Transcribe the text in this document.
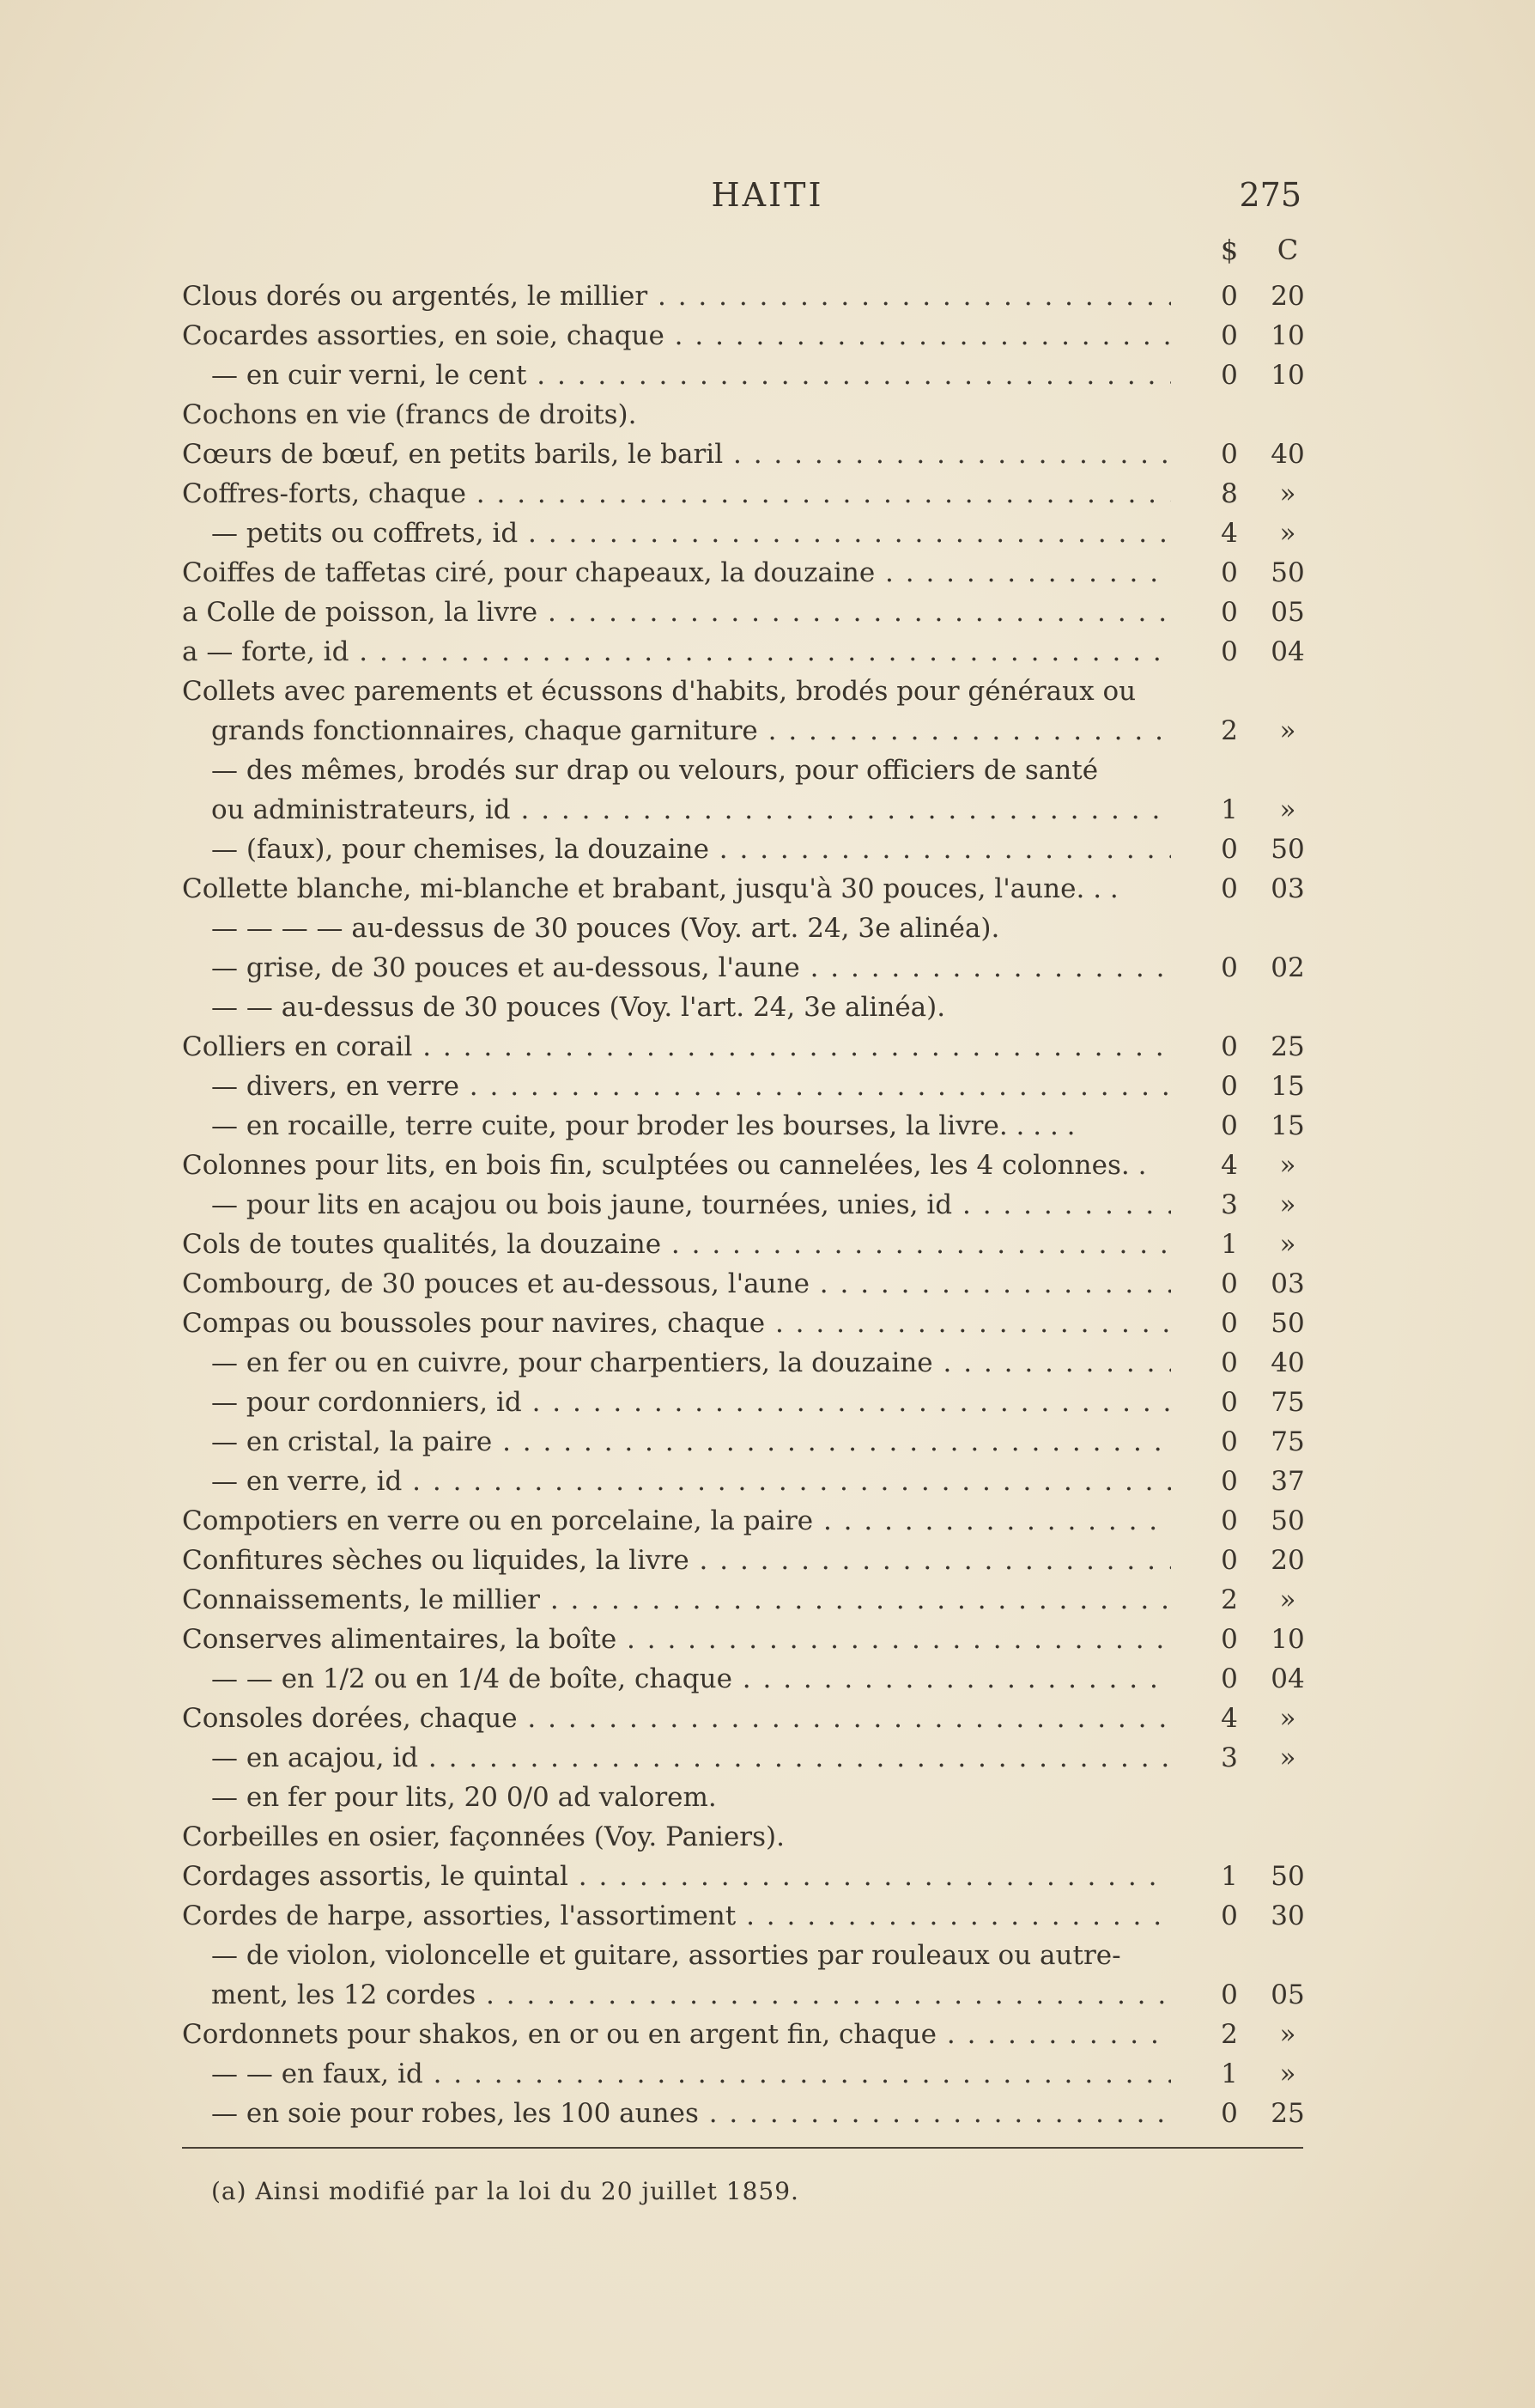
HAITI	275
$	C
Clous dorés ou argentés, le millier . . .	0	20
Cocardes assorties, en soie, chaque . . .	0	10
— en cuir verni, le cent . . .	0	10
Cochons en vie (francs de droits).
Cœurs de bœuf, en petits barils, le baril . . .	0	40
Coffres-forts, chaque . . .	8	»
— petits ou coffrets, id . . .	4	»
Coiffes de taffetas ciré, pour chapeaux, la douzaine . . .	0	50
a Colle de poisson, la livre . . .	0	05
a — forte, id . . .	0	04
Collets avec parements et écussons d'habits, brodés pour généraux ou
grands fonctionnaires, chaque garniture . . .	2	»
— des mêmes, brodés sur drap ou velours, pour officiers de santé
ou administrateurs, id . . .	1	»
— (faux), pour chemises, la douzaine . . .	0	50
Collette blanche, mi-blanche et brabant, jusqu'à 30 pouces, l'aune. . .	0	03
— — — — au-dessus de 30 pouces (Voy. art. 24, 3e alinéa).
— grise, de 30 pouces et au-dessous, l'aune . . .	0	02
— — au-dessus de 30 pouces (Voy. l'art. 24, 3e alinéa).
Colliers en corail . . .	0	25
— divers, en verre . . .	0	15
— en rocaille, terre cuite, pour broder les bourses, la livre. . . . .	0	15
Colonnes pour lits, en bois fin, sculptées ou cannelées, les 4 colonnes. .	4	»
— pour lits en acajou ou bois jaune, tournées, unies, id . . .	3	»
Cols de toutes qualités, la douzaine . . .	1	»
Combourg, de 30 pouces et au-dessous, l'aune . . .	0	03
Compas ou boussoles pour navires, chaque . . .	0	50
— en fer ou en cuivre, pour charpentiers, la douzaine . . .	0	40
— pour cordonniers, id . . .	0	75
— en cristal, la paire . . .	0	75
— en verre, id . . .	0	37
Compotiers en verre ou en porcelaine, la paire . . .	0	50
Confitures sèches ou liquides, la livre . . .	0	20
Connaissements, le millier . . .	2	»
Conserves alimentaires, la boîte . . .	0	10
— — en 1/2 ou en 1/4 de boîte, chaque . . .	0	04
Consoles dorées, chaque . . .	4	»
— en acajou, id . . .	3	»
— en fer pour lits, 20 0/0 ad valorem.
Corbeilles en osier, façonnées (Voy. Paniers).
Cordages assortis, le quintal . . .	1	50
Cordes de harpe, assorties, l'assortiment . . .	0	30
— de violon, violoncelle et guitare, assorties par rouleaux ou autre-
ment, les 12 cordes . . .	0	05
Cordonnets pour shakos, en or ou en argent fin, chaque . . .	2	»
— — en faux, id . . .	1	»
— en soie pour robes, les 100 aunes . . .	0	25
(a) Ainsi modifié par la loi du 20 juillet 1859.
